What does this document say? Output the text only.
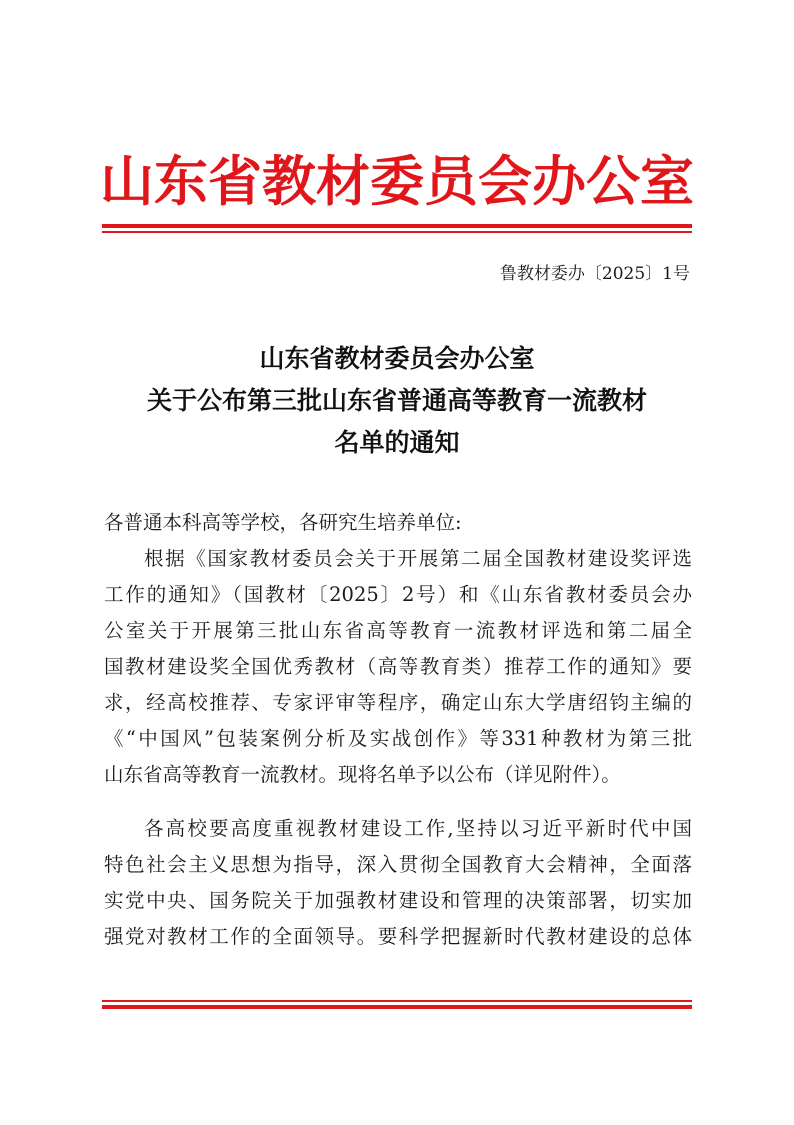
山东省教材委员会办公室
鲁教材委办〔2025〕1号
山东省教材委员会办公室
关于公布第三批山东省普通高等教育一流教材
名单的通知
各普通本科高等学校，各研究生培养单位:
根据《国家教材委员会关于开展第二届全国教材建设奖评选
工作的通知》（国教材〔2025〕2号）和《山东省教材委员会办
公室关于开展第三批山东省高等教育一流教材评选和第二届全
国教材建设奖全国优秀教材（高等教育类）推荐工作的通知》要
求，经高校推荐、专家评审等程序，确定山东大学唐绍钧主编的
《“中国风”包装案例分析及实战创作》等331种教材为第三批
山东省高等教育一流教材。现将名单予以公布（详见附件）。
各高校要高度重视教材建设工作,坚持以习近平新时代中国
特色社会主义思想为指导，深入贯彻全国教育大会精神，全面落
实党中央、国务院关于加强教材建设和管理的决策部署，切实加
强党对教材工作的全面领导。要科学把握新时代教材建设的总体
